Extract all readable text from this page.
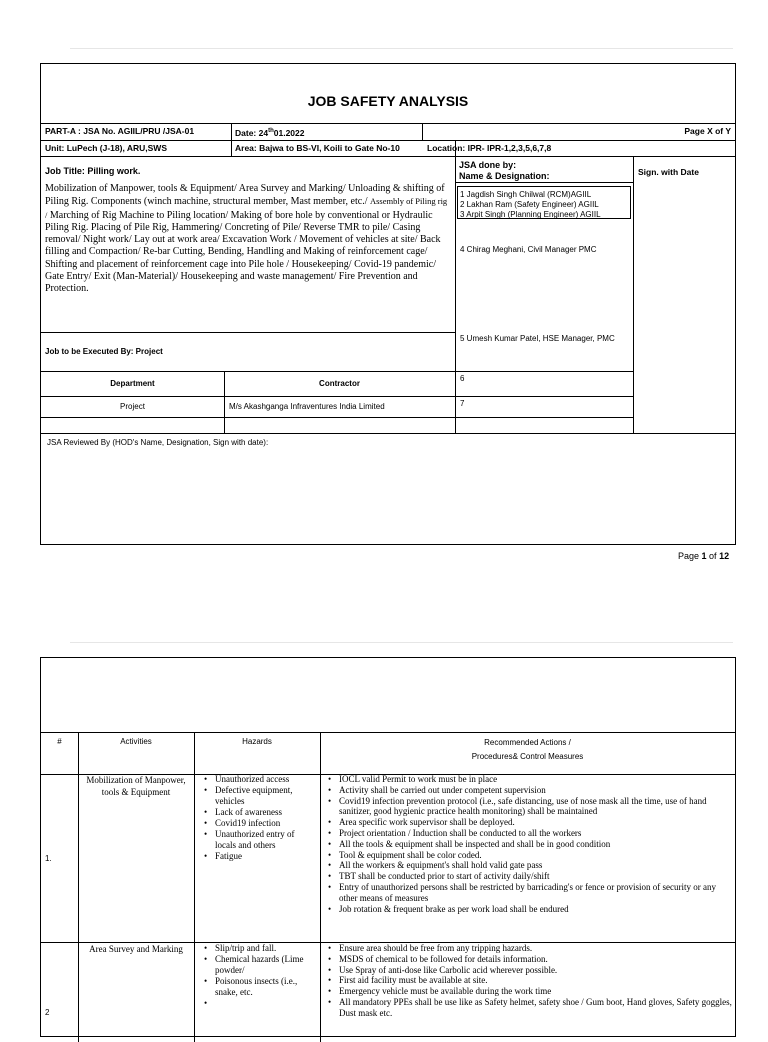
JOB SAFETY ANALYSIS
PART-A : JSA No. AGIIL/PRU /JSA-01	Date: 24th01.2022	Page X of Y
Unit: LuPech (J-18), ARU,SWS	Area: Bajwa to BS-VI, Koili to Gate No-10	Location: IPR- IPR-1,2,3,5,6,7,8
Job Title: Pilling work.
Mobilization of Manpower, tools & Equipment/ Area Survey and Marking/ Unloading & shifting of Piling Rig. Components (winch machine, structural member, Mast member, etc./ Assembly of Piling rig / Marching of Rig Machine to Piling location/ Making of bore hole by conventional or Hydraulic Piling Rig. Placing of Pile Rig, Hammering/ Concreting of Pile/ Reverse TMR to pile/ Casing removal/ Night work/ Lay out at work area/ Excavation Work / Movement of vehicles at site/ Back filling and Compaction/ Re-bar Cutting, Bending, Handling and Making of reinforcement cage/ Shifting and placement of reinforcement cage into Pile hole / Housekeeping/ Covid-19 pandemic/ Gate Entry/ Exit (Man-Material)/ Housekeeping and waste management/ Fire Prevention and Protection.
JSA done by:
Name & Designation:	Sign. with Date
1 Jagdish Singh Chilwal (RCM)AGIIL
2 Lakhan Ram (Safety Engineer) AGIIL
3 Arpit Singh (Planning Engineer) AGIIL
4 Chirag Meghani, Civil Manager PMC
5 Umesh Kumar Patel, HSE Manager, PMC
6
7
Job to be Executed By: Project
Department	Contractor
Project	M/s Akashganga Infraventures India Limited
JSA Reviewed By (HOD's Name, Designation, Sign with date):
Page 1 of 12
#	Activities	Hazards	Recommended Actions /
Procedures& Control Measures
1.
Mobilization of Manpower, tools & Equipment
• Unauthorized access
• Defective equipment, vehicles
• Lack of awareness
• Covid19 infection
• Unauthorized entry of locals and others
• Fatigue
• IOCL valid Permit to work must be in place
• Activity shall be carried out under competent supervision
• Covid19 infection prevention protocol (i.e., safe distancing, use of nose mask all the time, use of hand sanitizer, good hygienic practice health monitoring) shall be maintained
• Area specific work supervisor shall be deployed.
• Project orientation / Induction shall be conducted to all the workers
• All the tools & equipment shall be inspected and shall be in good condition
• Tool & equipment shall be color coded.
• All the workers & equipment's shall hold valid gate pass
• TBT shall be conducted prior to start of activity daily/shift
• Entry of unauthorized persons shall be restricted by barricading's or fence or provision of security or any other means of measures
• Job rotation & frequent brake as per work load shall be endured
2
Area Survey and Marking
•	Slip/trip and fall.
• Chemical hazards (Lime powder/
• Poisonous insects (i.e., snake, etc.
• Ensure area should be free from any tripping hazards.
• MSDS of chemical to be followed for details information.
• Use Spray of anti-dose like Carbolic acid wherever possible.
• First aid facility must be available at site.
• Emergency vehicle must be available during the work time
• All mandatory PPEs shall be use like as Safety helmet, safety shoe / Gum boot, Hand gloves, Safety goggles, Dust mask etc.
